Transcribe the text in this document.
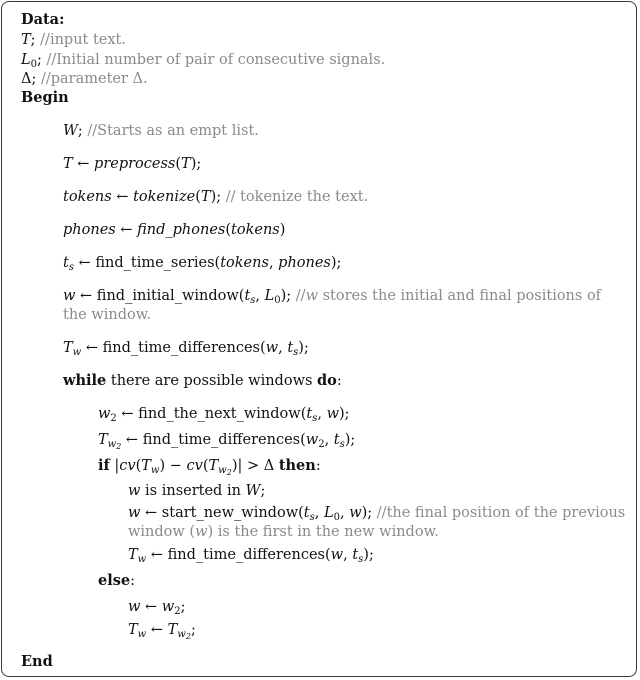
Data:
T; //input text.
$L_0$; //Initial number of pair of consecutive signals.
Δ; //parameter Δ.
Begin
W; //Starts as an empt list.
T ← preprocess(T);
tokens ← tokenize(T); // tokenize the text.
phones ← find_phones(tokens)
$t_s$ ← find_time_series(tokens, phones);
w ← $find\_initial\_window(t_s$, $L_0$); //w stores the initial and final positions of
the window.
$T_w$ ← find_time_differences(w, $t_s$);
while there are possible windows do:
$w_2$ ← $find\_the\_next\_window(t_s$, w);
$T_{w_2}$ ← $find\_time\_differences(w_2$, $t_s$);
if $|cv(T_w) - cv(T_{w_2})| > \Delta$ then:
w is inserted in W;
w ← $start\_new\_window(t_s$, $L_0$, w); //the final position of the previous
window (w) is the first in the new window.
$T_w$ ← find_time_differences(w, $t_s$);
else:
w ← $w_2$;
$T_w$ ← $T_{w_2}$;
End
